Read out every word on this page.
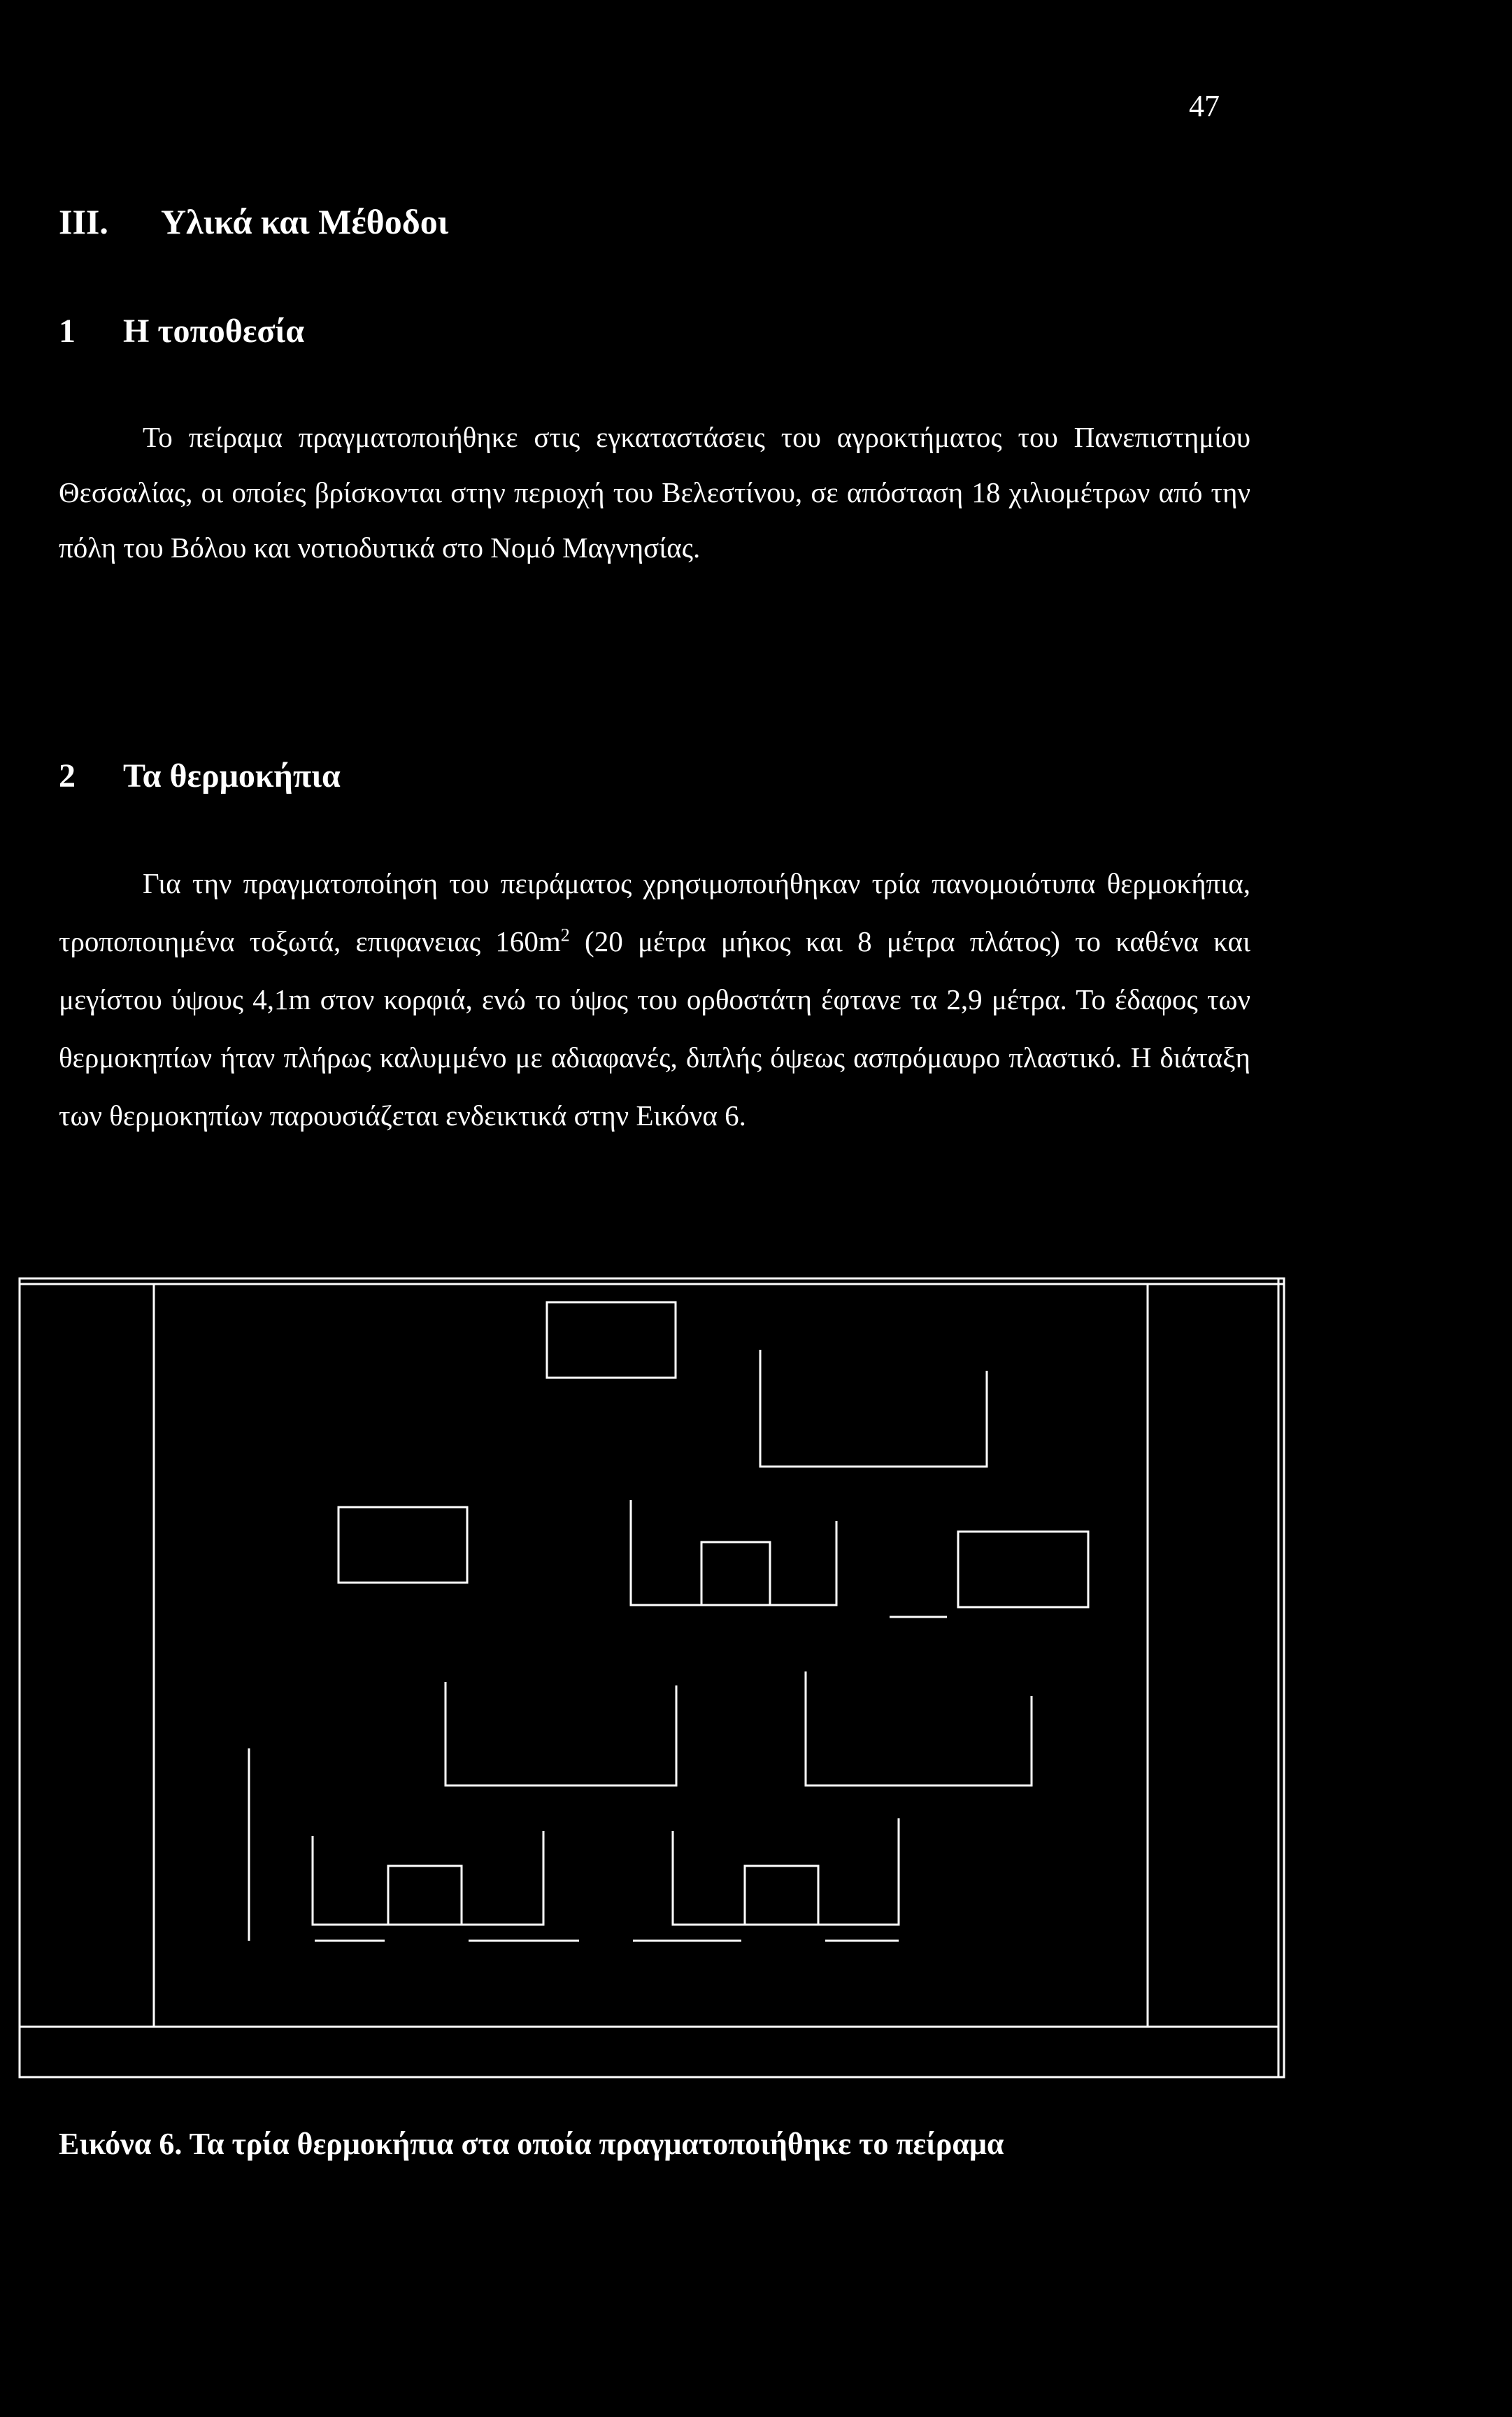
47
III. Υλικά και Μέθοδοι
1 Η τοποθεσία
Το πείραμα πραγματοποιήθηκε στις εγκαταστάσεις του αγροκτήματος του Πανεπιστημίου Θεσσαλίας, οι οποίες βρίσκονται στην περιοχή του Βελεστίνου, σε απόσταση 18 χιλιομέτρων από την πόλη του Βόλου και νοτιοδυτικά στο Νομό Μαγνησίας.
2 Τα θερμοκήπια
Για την πραγματοποίηση του πειράματος χρησιμοποιήθηκαν τρία πανομοιότυπα θερμοκήπια, τροποποιημένα τοξωτά, επιφανειας $160m^2$ (20 μέτρα μήκος και 8 μέτρα πλάτος) το καθένα και μεγίστου ύψους 4,1m στον κορφιά, ενώ το ύψος του ορθοστάτη έφτανε τα 2,9 μέτρα. Το έδαφος των θερμοκηπίων ήταν πλήρως καλυμμένο με αδιαφανές, διπλής όψεως ασπρόμαυρο πλαστικό. Η διάταξη των θερμοκηπίων παρουσιάζεται ενδεικτικά στην Εικόνα 6.
Εικόνα 6. Τα τρία θερμοκήπια στα οποία πραγματοποιήθηκε το πείραμα
